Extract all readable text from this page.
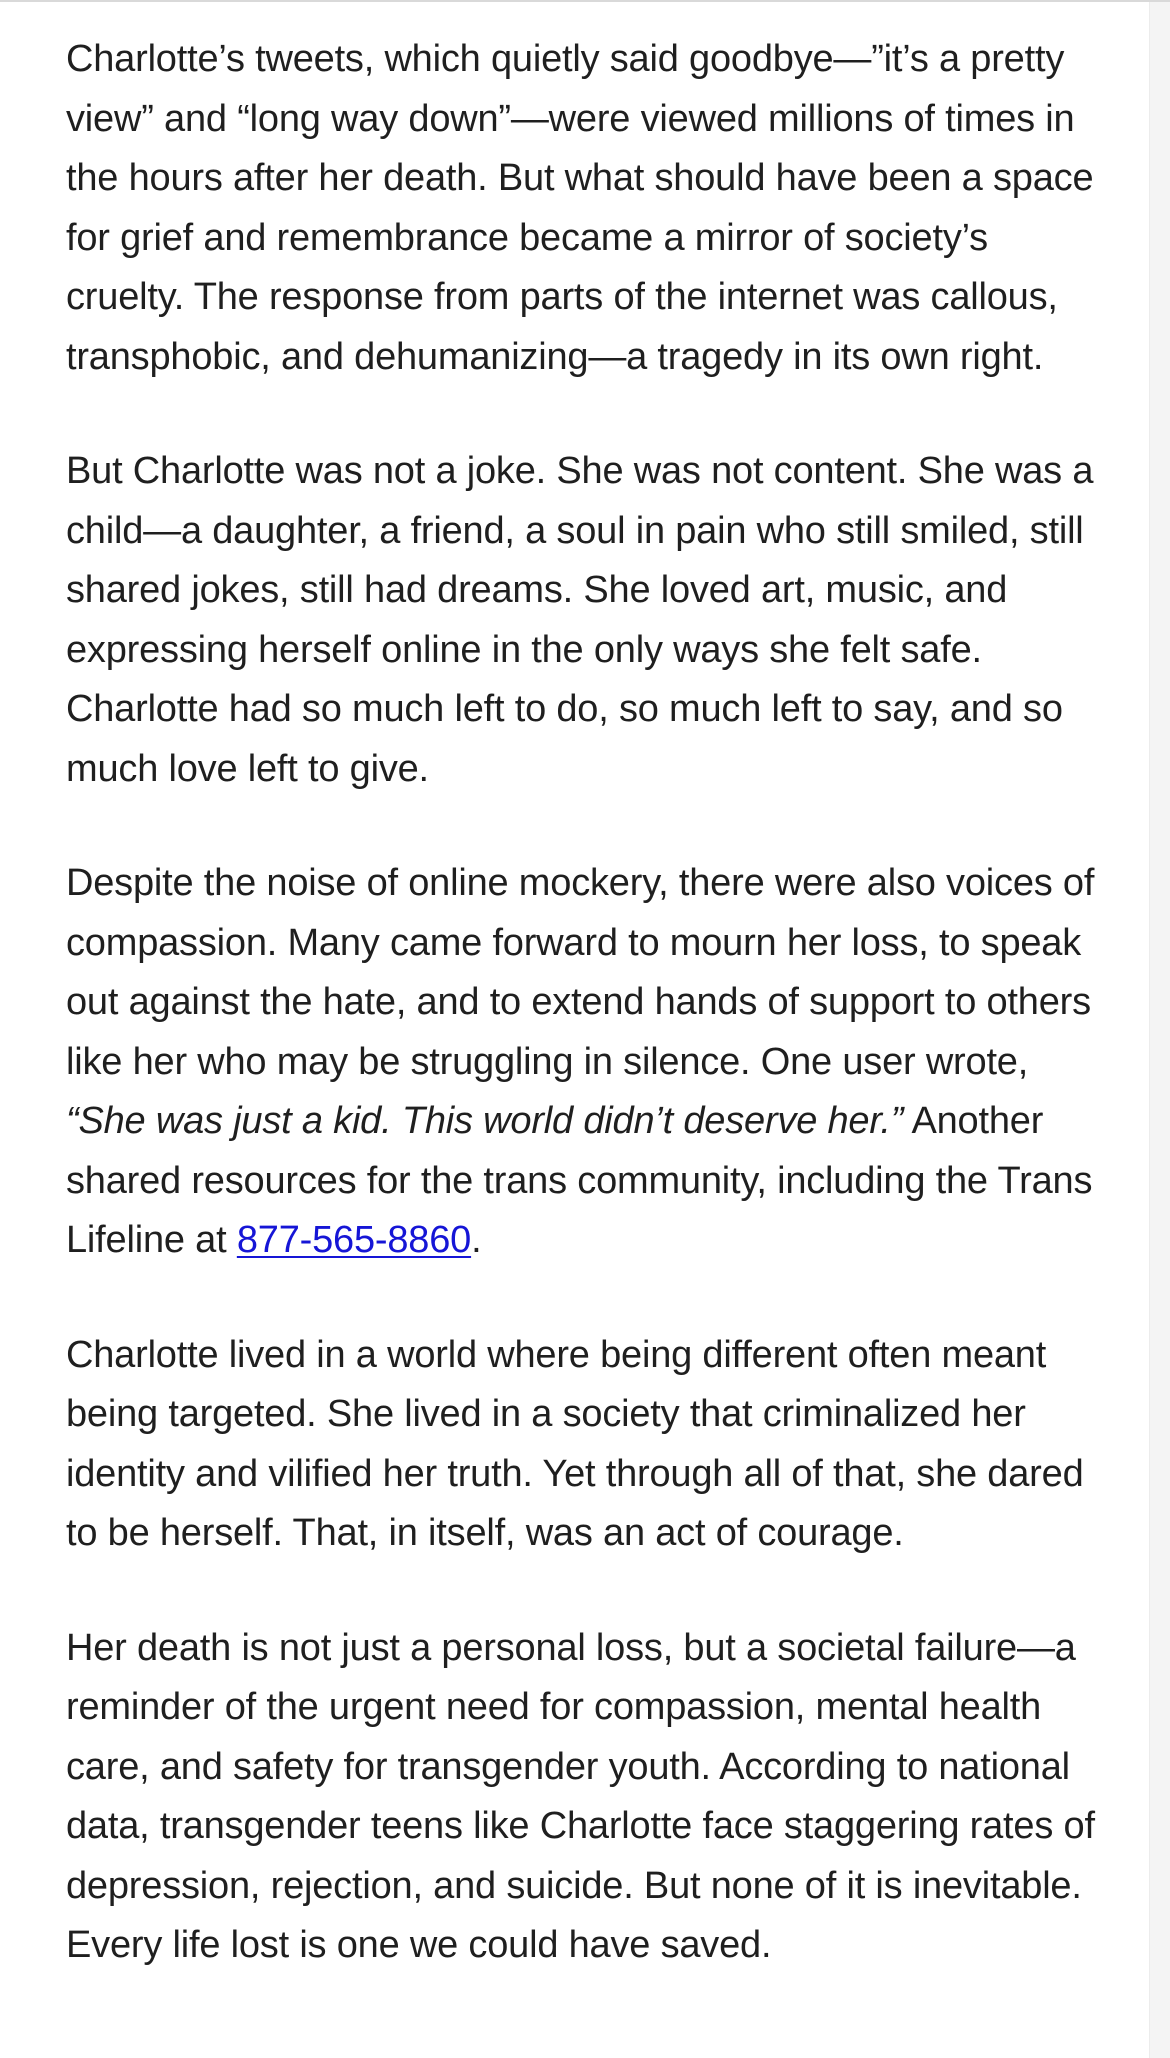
Charlotte’s tweets, which quietly said goodbye—”it’s a pretty view” and “long way down”—were viewed millions of times in the hours after her death. But what should have been a space for grief and remembrance became a mirror of society’s cruelty. The response from parts of the internet was callous, transphobic, and dehumanizing—a tragedy in its own right.

But Charlotte was not a joke. She was not content. She was a child—a daughter, a friend, a soul in pain who still smiled, still shared jokes, still had dreams. She loved art, music, and expressing herself online in the only ways she felt safe. Charlotte had so much left to do, so much left to say, and so much love left to give.

Despite the noise of online mockery, there were also voices of compassion. Many came forward to mourn her loss, to speak out against the hate, and to extend hands of support to others like her who may be struggling in silence. One user wrote, “She was just a kid. This world didn’t deserve her.” Another shared resources for the trans community, including the Trans Lifeline at 877-565-8860.

Charlotte lived in a world where being different often meant being targeted. She lived in a society that criminalized her identity and vilified her truth. Yet through all of that, she dared to be herself. That, in itself, was an act of courage.

Her death is not just a personal loss, but a societal failure—a reminder of the urgent need for compassion, mental health care, and safety for transgender youth. According to national data, transgender teens like Charlotte face staggering rates of depression, rejection, and suicide. But none of it is inevitable. Every life lost is one we could have saved.
